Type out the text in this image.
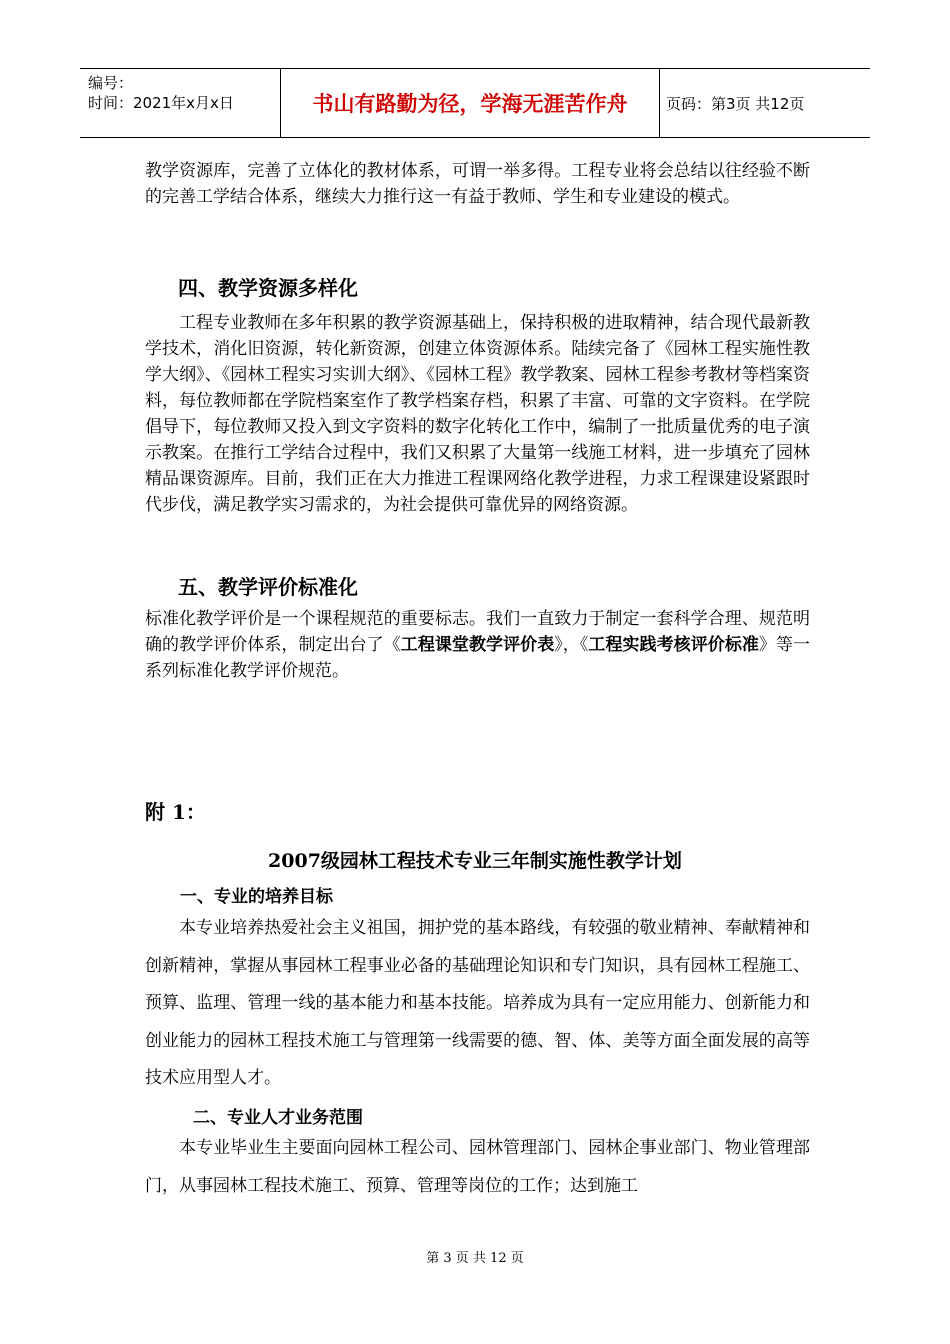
编号：
时间：2021年x月x日	书山有路勤为径，学海无涯苦作舟	页码：第3页 共12页
教学资源库，完善了立体化的教材体系，可谓一举多得。工程专业将会总结以往经验不断的完善工学结合体系，继续大力推行这一有益于教师、学生和专业建设的模式。
四、教学资源多样化
工程专业教师在多年积累的教学资源基础上，保持积极的进取精神，结合现代最新教学技术，消化旧资源，转化新资源，创建立体资源体系。陆续完备了《园林工程实施性教学大纲》、《园林工程实习实训大纲》、《园林工程》教学教案、园林工程参考教材等档案资料，每位教师都在学院档案室作了教学档案存档，积累了丰富、可靠的文字资料。在学院倡导下，每位教师又投入到文字资料的数字化转化工作中，编制了一批质量优秀的电子演示教案。在推行工学结合过程中，我们又积累了大量第一线施工材料，进一步填充了园林精品课资源库。目前，我们正在大力推进工程课网络化教学进程，力求工程课建设紧跟时代步伐，满足教学实习需求的，为社会提供可靠优异的网络资源。
五、教学评价标准化
标准化教学评价是一个课程规范的重要标志。我们一直致力于制定一套科学合理、规范明确的教学评价体系，制定出台了《工程课堂教学评价表》，《工程实践考核评价标准》等一系列标准化教学评价规范。
附 1：
2007级园林工程技术专业三年制实施性教学计划
一、专业的培养目标
本专业培养热爱社会主义祖国，拥护党的基本路线，有较强的敬业精神、奉献精神和创新精神，掌握从事园林工程事业必备的基础理论知识和专门知识，具有园林工程施工、预算、监理、管理一线的基本能力和基本技能。培养成为具有一定应用能力、创新能力和创业能力的园林工程技术施工与管理第一线需要的德、智、体、美等方面全面发展的高等技术应用型人才。
二、专业人才业务范围
本专业毕业生主要面向园林工程公司、园林管理部门、园林企事业部门、物业管理部门，从事园林工程技术施工、预算、管理等岗位的工作；达到施工
第 3 页 共 12 页
